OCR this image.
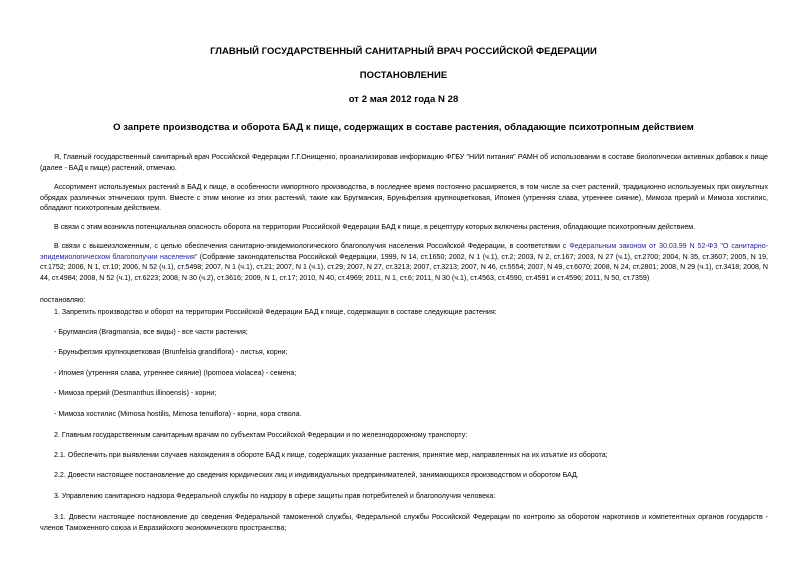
ГЛАВНЫЙ ГОСУДАРСТВЕННЫЙ САНИТАРНЫЙ ВРАЧ РОССИЙСКОЙ ФЕДЕРАЦИИ
ПОСТАНОВЛЕНИЕ
от 2 мая 2012 года N 28
О запрете производства и оборота БАД к пище, содержащих в составе растения, обладающие психотропным действием
Я, Главный государственный санитарный врач Российской Федерации Г.Г.Онищенко, проанализировав информацию ФГБУ "НИИ питания" РАМН об использовании в составе биологически активных добавок к пище (далее - БАД к пище) растений, отмечаю.
Ассортимент используемых растений в БАД к пище, в особенности импортного производства, в последнее время постоянно расширяется, в том числе за счет растений, традиционно используемых при оккультных обрядах различных этнических групп. Вместе с этим многие из этих растений, такие как Бругмансия, Бруньфелзия крупноцветковая, Ипомея (утренняя слава, утреннее сияние), Мимоза прерий и Мимоза хостилис, обладают психотропным действием.
В связи с этим возникла потенциальная опасность оборота на территории Российской Федерации БАД к пище, в рецептуру которых включены растения, обладающие психотропным действием.
В связи с вышеизложенным, с целью обеспечения санитарно-эпидемиологического благополучия населения Российской Федерации, в соответствии с Федеральным законом от 30.03.99 N 52-ФЗ "О санитарно-эпидемиологическом благополучии населения" (Собрание законодательства Российской Федерации, 1999, N 14, ст.1650; 2002, N 1 (ч.1), ст.2; 2003, N 2, ст.167; 2003, N 27 (ч.1), ст.2700; 2004, N 35, ст.3607; 2005, N 19, ст.1752; 2006, N 1, ст.10; 2006, N 52 (ч.1), ст.5498; 2007, N 1 (ч.1), ст.21; 2007, N 1 (ч.1), ст.29; 2007, N 27, ст.3213; 2007, ст.3213; 2007, N 46, ст.5554; 2007, N 49, ст.6070; 2008, N 24, ст.2801; 2008, N 29 (ч.1), ст.3418; 2008, N 44, ст.4984; 2008, N 52 (ч.1), ст.6223; 2008, N 30 (ч.2), ст.3616; 2009, N 1, ст.17; 2010, N 40, ст.4969; 2011, N 1, ст.6; 2011, N 30 (ч.1), ст.4563, ст.4590, ст.4591 и ст.4596; 2011, N 50, ст.7359)
постановляю:
1. Запретить производство и оборот на территории Российской Федерации БАД к пище, содержащих в составе следующие растения:
- Бругмансия (Bragmansia, все виды) - все части растения;
- Бруньфелзия крупноцветковая (Brunfelsia grandiflora) - листья, корни;
- Ипомея (утренняя слава, утреннее сияние) (Ipomoea violacea) - семена;
- Мимоза прерий (Desmanthus illinoensis) - корни;
- Мимоза хостилис (Mimosa hostilis, Mimosa tenuiflora) - корни, кора ствола.
2. Главным государственным санитарным врачам по субъектам Российской Федерации и по железнодорожному транспорту:
2.1. Обеспечить при выявлении случаев нахождения в обороте БАД к пище, содержащих указанные растения, принятие мер, направленных на их изъятие из оборота;
2.2. Довести настоящее постановление до сведения юридических лиц и индивидуальных предпринимателей, занимающихся производством и оборотом БАД.
3. Управлению санитарного надзора Федеральной службы по надзору в сфере защиты прав потребителей и благополучия человека:
3.1. Довести настоящее постановление до сведения Федеральной таможенной службы, Федеральной службы Российской Федерации по контролю за оборотом наркотиков и компетентных органов государств - членов Таможенного союза и Евразийского экономического пространства;
